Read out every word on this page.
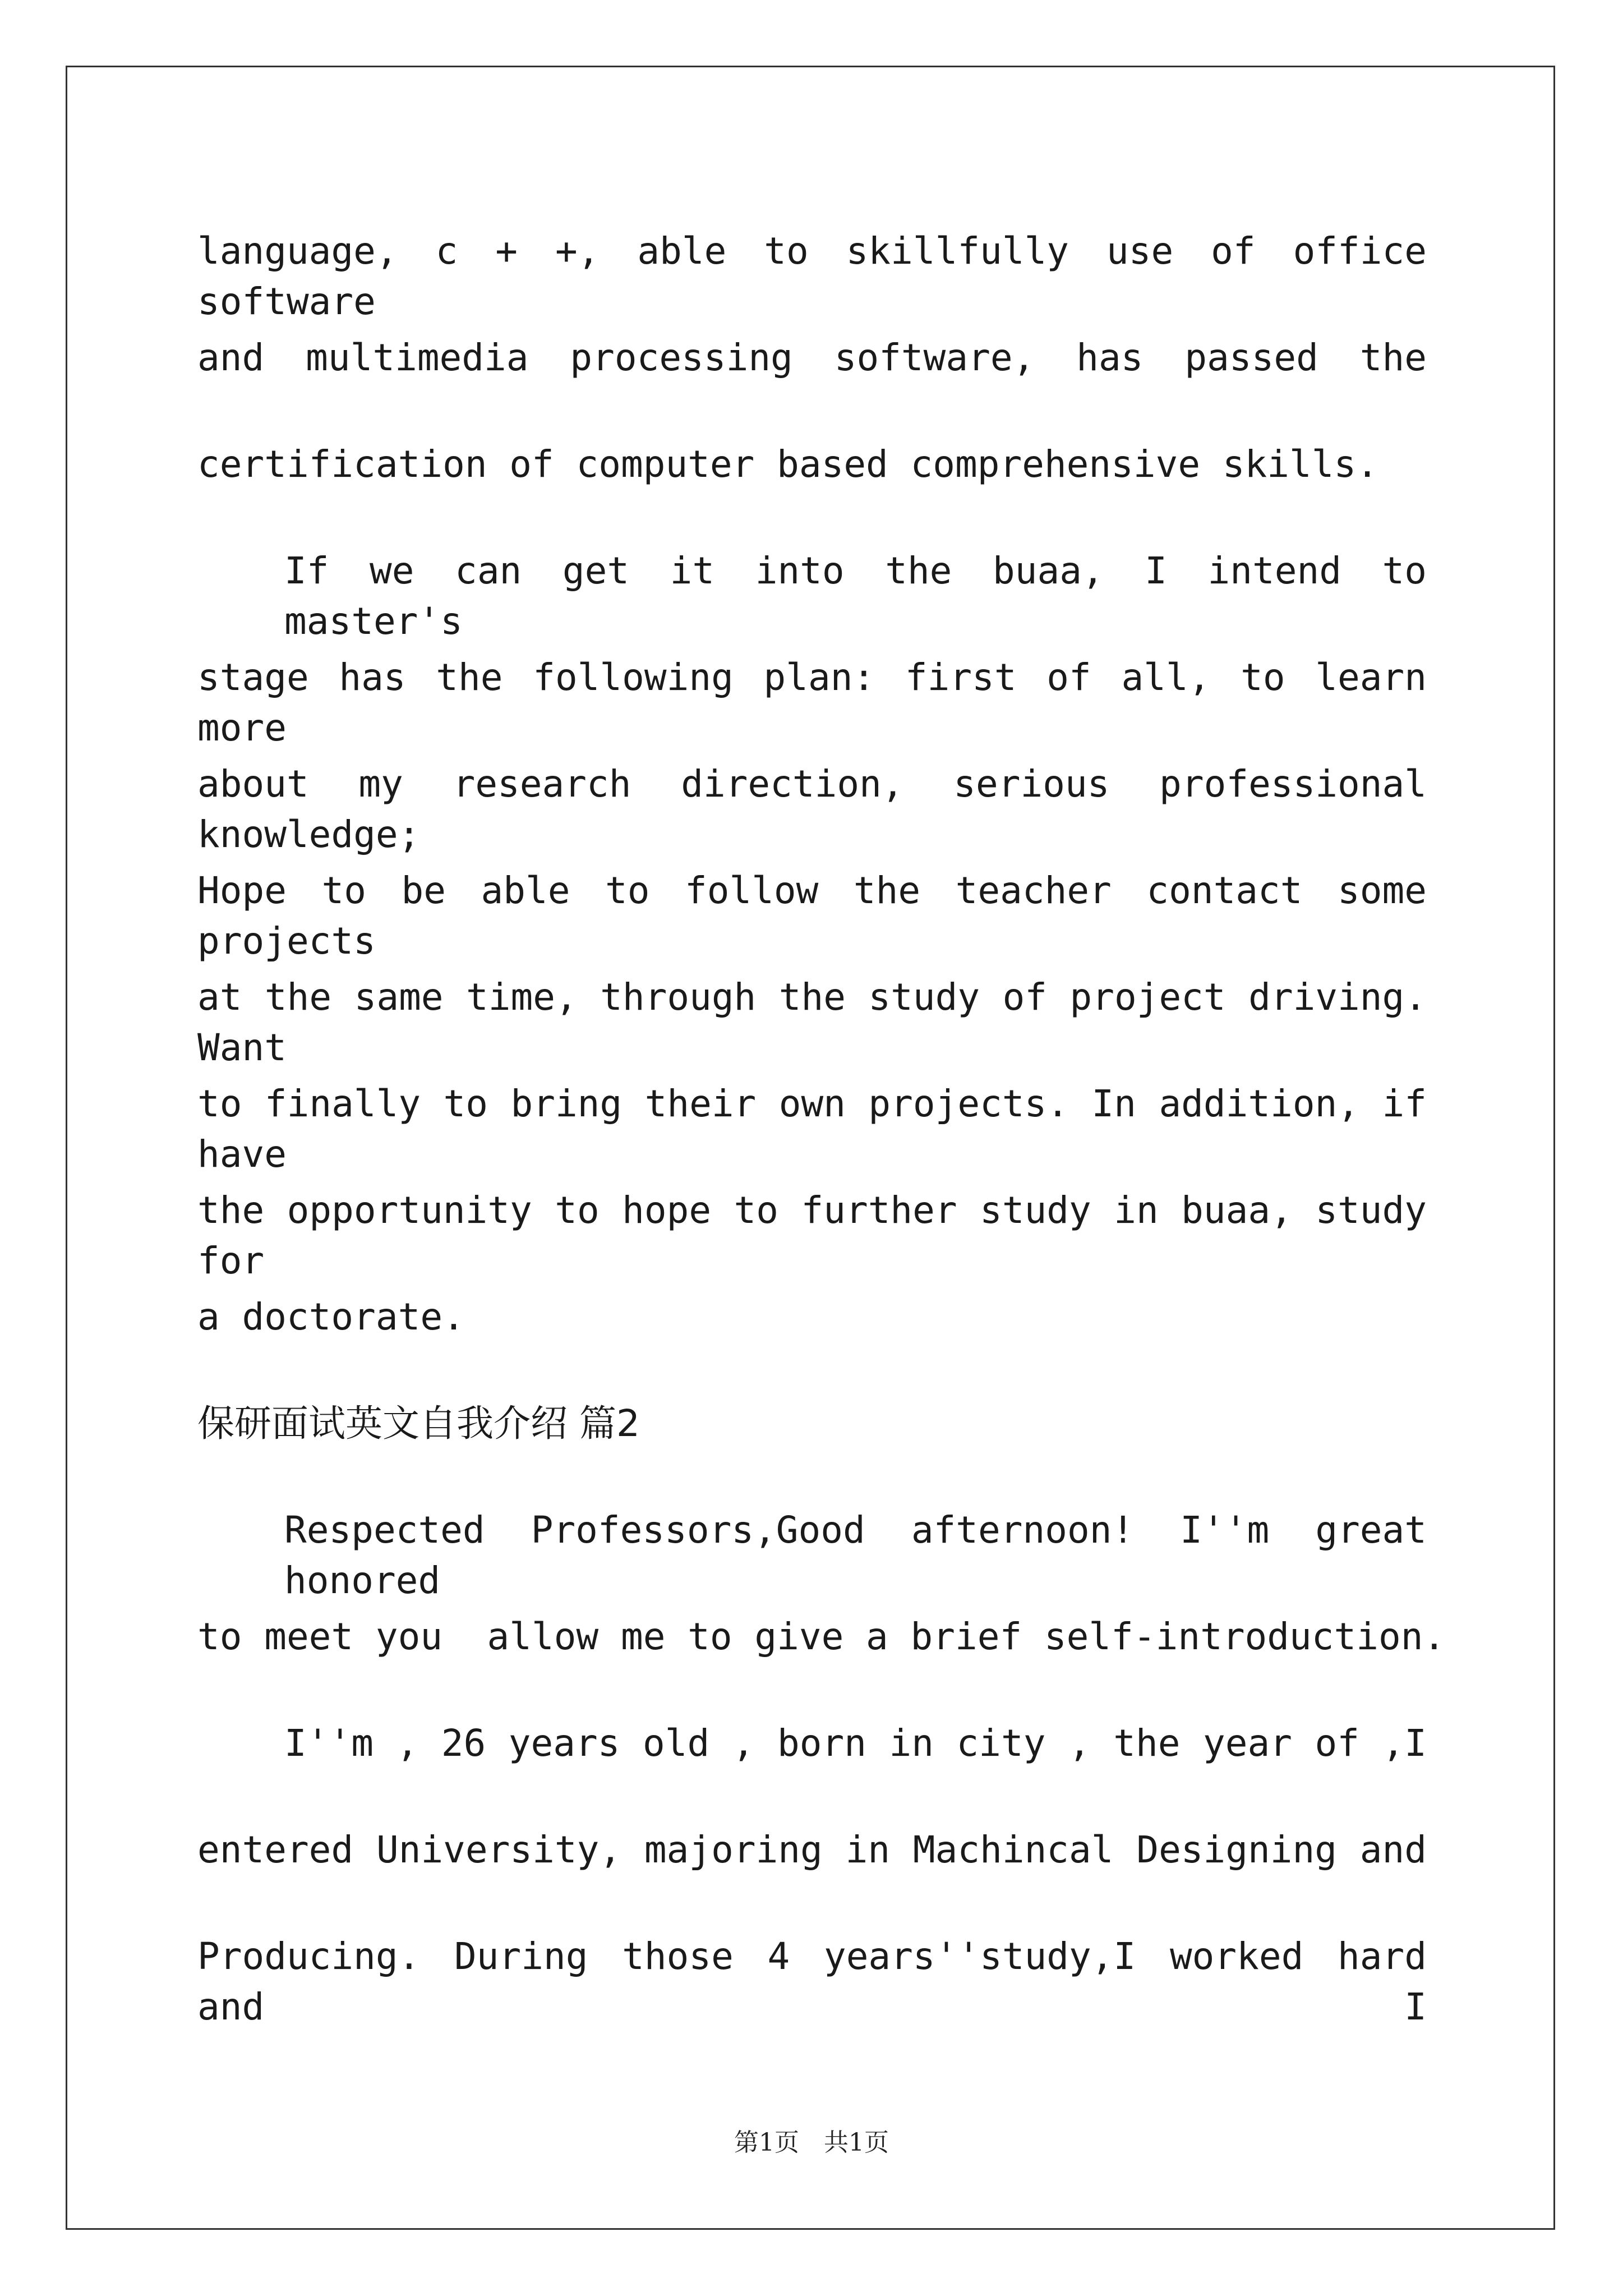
language, c + +, able to skillfully use of office software
and multimedia processing software, has passed the
certification of computer based comprehensive skills.
If we can get it into the buaa, I intend to master's
stage has the following plan: first of all, to learn more
about my research direction, serious professional knowledge;
Hope to be able to follow the teacher contact some projects
at the same time, through the study of project driving. Want
to finally to bring their own projects. In addition, if have
the opportunity to hope to further study in buaa, study for
a doctorate.
保研面试英文自我介绍 篇2
Respected Professors,Good afternoon! I''m great honored
to meet you  allow me to give a brief self-introduction.
I''m , 26 years old , born in city , the year of ,I
entered University, majoring in Machincal Designing and
Producing. During those 4 years''study,I worked hard and I
第1页　共1页
